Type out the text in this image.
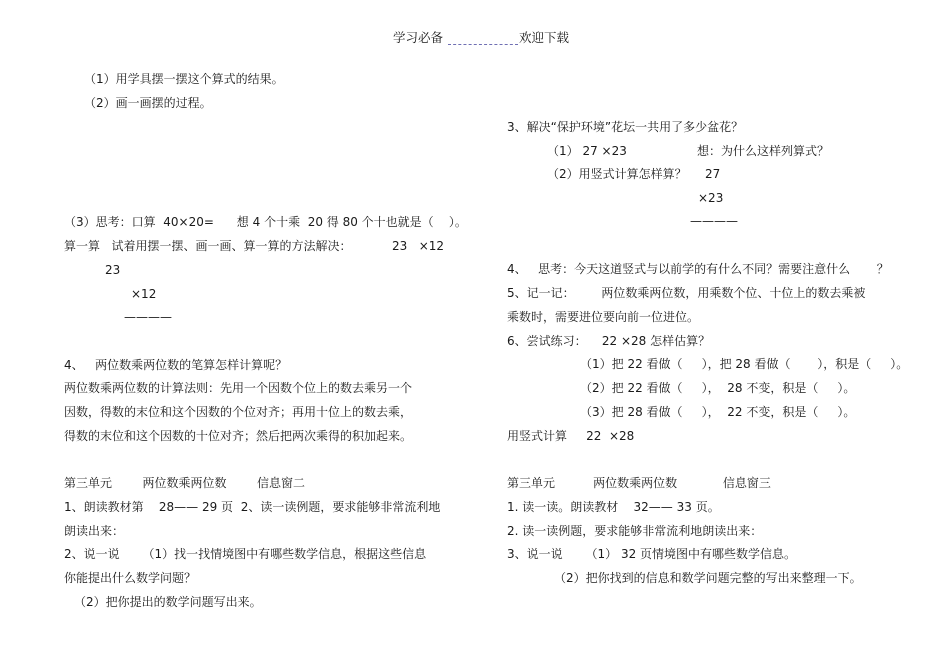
学习必备	欢迎下载
（1）用学具摆一摆这个算式的结果。
（2）画一画摆的过程。
（3）思考：口算  40×20=      想 4 个十乘  20 得 80 个十也就是（    ）。
算一算   试着用摆一摆、画一画、算一算的方法解决：	23   ×12
23
×12
————
4、   两位数乘两位数的笔算怎样计算呢？
两位数乘两位数的计算法则：先用一个因数个位上的数去乘另一个
因数，得数的末位和这个因数的个位对齐；再用十位上的数去乘，
得数的末位和这个因数的十位对齐；然后把两次乘得的积加起来。
第三单元        两位数乘两位数        信息窗二
1、朗读教材第    28—— 29 页  2、读一读例题，要求能够非常流利地
朗读出来：
2、说一说      （1）找一找情境图中有哪些数学信息，根据这些信息
你能提出什么数学问题？
（2）把你提出的数学问题写出来。
3、解决“保护环境”花坛一共用了多少盆花？
（1） 27 ×23	想：为什么这样列算式？
（2）用竖式计算怎样算？ 27
×23
————
4、   思考：今天这道竖式与以前学的有什么不同？需要注意什么       ？
5、记一记：       两位数乘两位数，用乘数个位、十位上的数去乘被
乘数时，需要进位要向前一位进位。
6、尝试练习：    22 ×28 怎样估算？
（1）把 22 看做（     ），把 28 看做（       ），积是（     ）。
（2）把 22 看做（     ），  28 不变，积是（     ）。
（3）把 28 看做（     ），  22 不变，积是（     ）。
用竖式计算     22  ×28
第三单元          两位数乘两位数            信息窗三
1. 读一读。朗读教材    32—— 33 页。
2. 读一读例题，要求能够非常流利地朗读出来：
3、说一说      （1） 32 页情境图中有哪些数学信息。
（2）把你找到的信息和数学问题完整的写出来整理一下。
